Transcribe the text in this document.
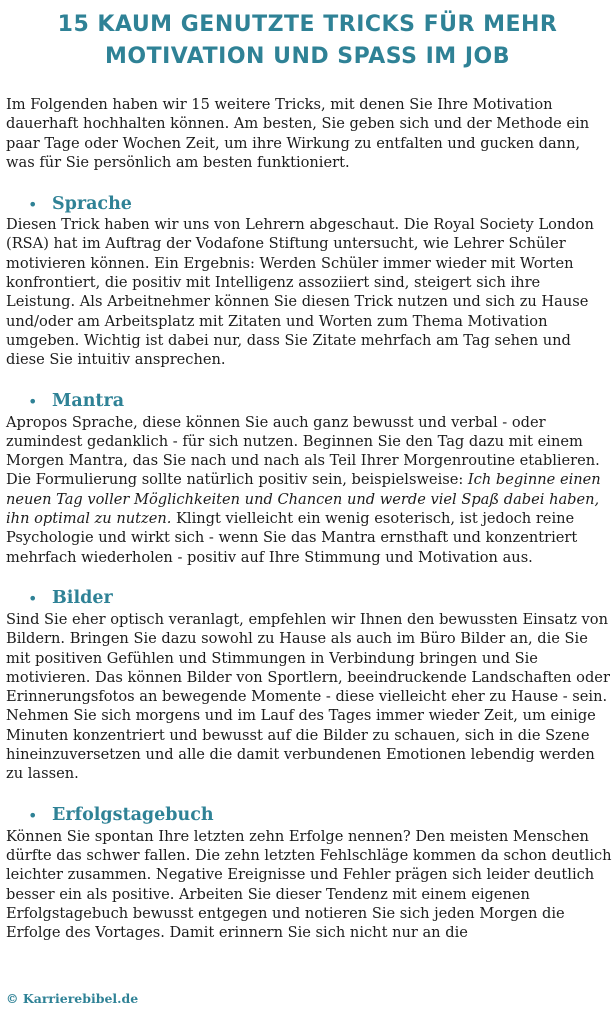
15 KAUM GENUTZTE TRICKS FÜR MEHR MOTIVATION UND SPASS IM JOB

Im Folgenden haben wir 15 weitere Tricks, mit denen Sie Ihre Motivation dauerhaft hochhalten können. Am besten, Sie geben sich und der Methode ein paar Tage oder Wochen Zeit, um ihre Wirkung zu entfalten und gucken dann, was für Sie persönlich am besten funktioniert.

• Sprache

Diesen Trick haben wir uns von Lehrern abgeschaut. Die Royal Society London (RSA) hat im Auftrag der Vodafone Stiftung untersucht, wie Lehrer Schüler motivieren können. Ein Ergebnis: Werden Schüler immer wieder mit Worten konfrontiert, die positiv mit Intelligenz assoziiert sind, steigert sich ihre Leistung. Als Arbeitnehmer können Sie diesen Trick nutzen und sich zu Hause und/oder am Arbeitsplatz mit Zitaten und Worten zum Thema Motivation umgeben. Wichtig ist dabei nur, dass Sie Zitate mehrfach am Tag sehen und diese Sie intuitiv ansprechen.

• Mantra

Apropos Sprache, diese können Sie auch ganz bewusst und verbal - oder zumindest gedanklich - für sich nutzen. Beginnen Sie den Tag dazu mit einem Morgen Mantra, das Sie nach und nach als Teil Ihrer Morgenroutine etablieren. Die Formulierung sollte natürlich positiv sein, beispielsweise: Ich beginne einen neuen Tag voller Möglichkeiten und Chancen und werde viel Spaß dabei haben, ihn optimal zu nutzen. Klingt vielleicht ein wenig esoterisch, ist jedoch reine Psychologie und wirkt sich - wenn Sie das Mantra ernsthaft und konzentriert mehrfach wiederholen - positiv auf Ihre Stimmung und Motivation aus.

• Bilder

Sind Sie eher optisch veranlagt, empfehlen wir Ihnen den bewussten Einsatz von Bildern. Bringen Sie dazu sowohl zu Hause als auch im Büro Bilder an, die Sie mit positiven Gefühlen und Stimmungen in Verbindung bringen und Sie motivieren. Das können Bilder von Sportlern, beeindruckende Landschaften oder Erinnerungsfotos an bewegende Momente - diese vielleicht eher zu Hause - sein. Nehmen Sie sich morgens und im Lauf des Tages immer wieder Zeit, um einige Minuten konzentriert und bewusst auf die Bilder zu schauen, sich in die Szene hineinzuversetzen und alle die damit verbundenen Emotionen lebendig werden zu lassen.

• Erfolgstagebuch

Können Sie spontan Ihre letzten zehn Erfolge nennen? Den meisten Menschen dürfte das schwer fallen. Die zehn letzten Fehlschläge kommen da schon deutlich leichter zusammen. Negative Ereignisse und Fehler prägen sich leider deutlich besser ein als positive. Arbeiten Sie dieser Tendenz mit einem eigenen Erfolgstagebuch bewusst entgegen und notieren Sie sich jeden Morgen die Erfolge des Vortages. Damit erinnern Sie sich nicht nur an die

© Karrierebibel.de
